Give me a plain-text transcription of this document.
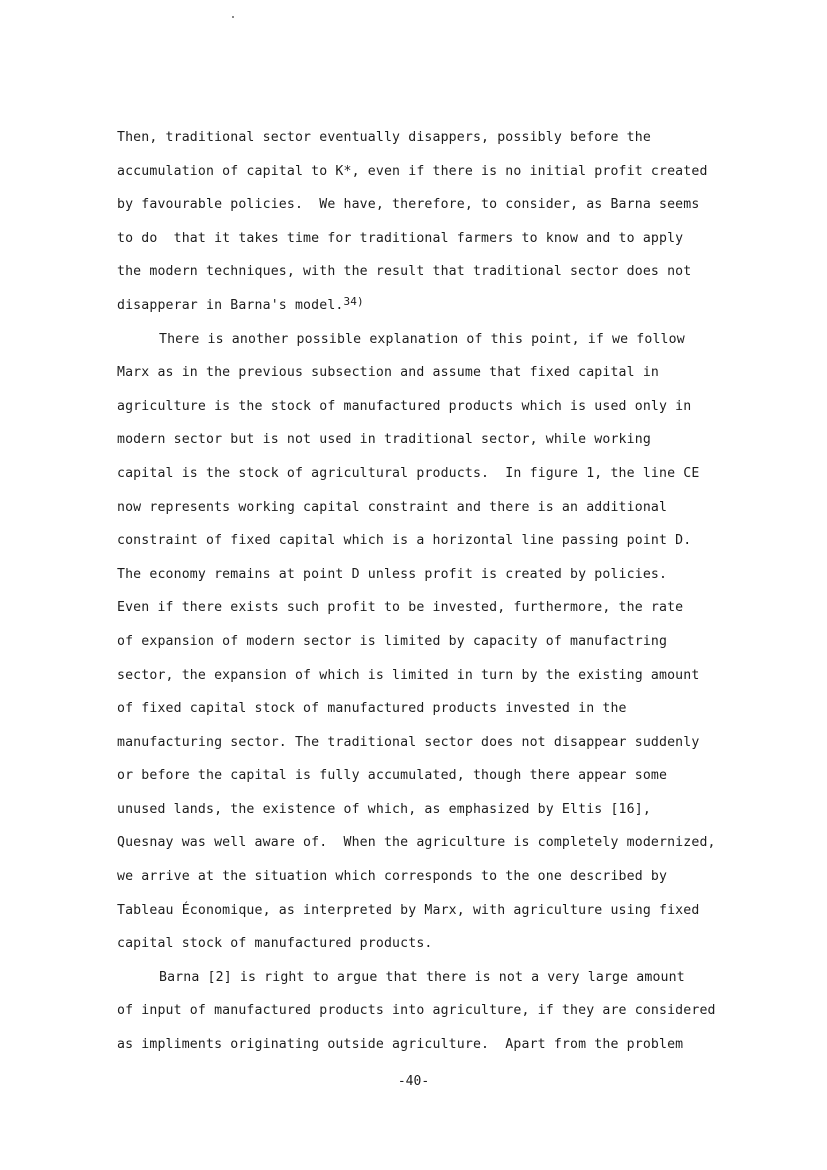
Then, traditional sector eventually disappers, possibly before the
accumulation of capital to K*, even if there is no initial profit created
by favourable policies.  We have, therefore, to consider, as Barna seems
to do  that it takes time for traditional farmers to know and to apply
the modern techniques, with the result that traditional sector does not
disapperar in Barna's model.$^{34)}$
There is another possible explanation of this point, if we follow
Marx as in the previous subsection and assume that fixed capital in
agriculture is the stock of manufactured products which is used only in
modern sector but is not used in traditional sector, while working
capital is the stock of agricultural products.  In figure 1, the line CE
now represents working capital constraint and there is an additional
constraint of fixed capital which is a horizontal line passing point D.
The economy remains at point D unless profit is created by policies.
Even if there exists such profit to be invested, furthermore, the rate
of expansion of modern sector is limited by capacity of manufactring
sector, the expansion of which is limited in turn by the existing amount
of fixed capital stock of manufactured products invested in the
manufacturing sector. The traditional sector does not disappear suddenly
or before the capital is fully accumulated, though there appear some
unused lands, the existence of which, as emphasized by Eltis [16],
Quesnay was well aware of.  When the agriculture is completely modernized,
we arrive at the situation which corresponds to the one described by
Tableau Économique, as interpreted by Marx, with agriculture using fixed
capital stock of manufactured products.
Barna [2] is right to argue that there is not a very large amount
of input of manufactured products into agriculture, if they are considered
as impliments originating outside agriculture.  Apart from the problem
-40-
